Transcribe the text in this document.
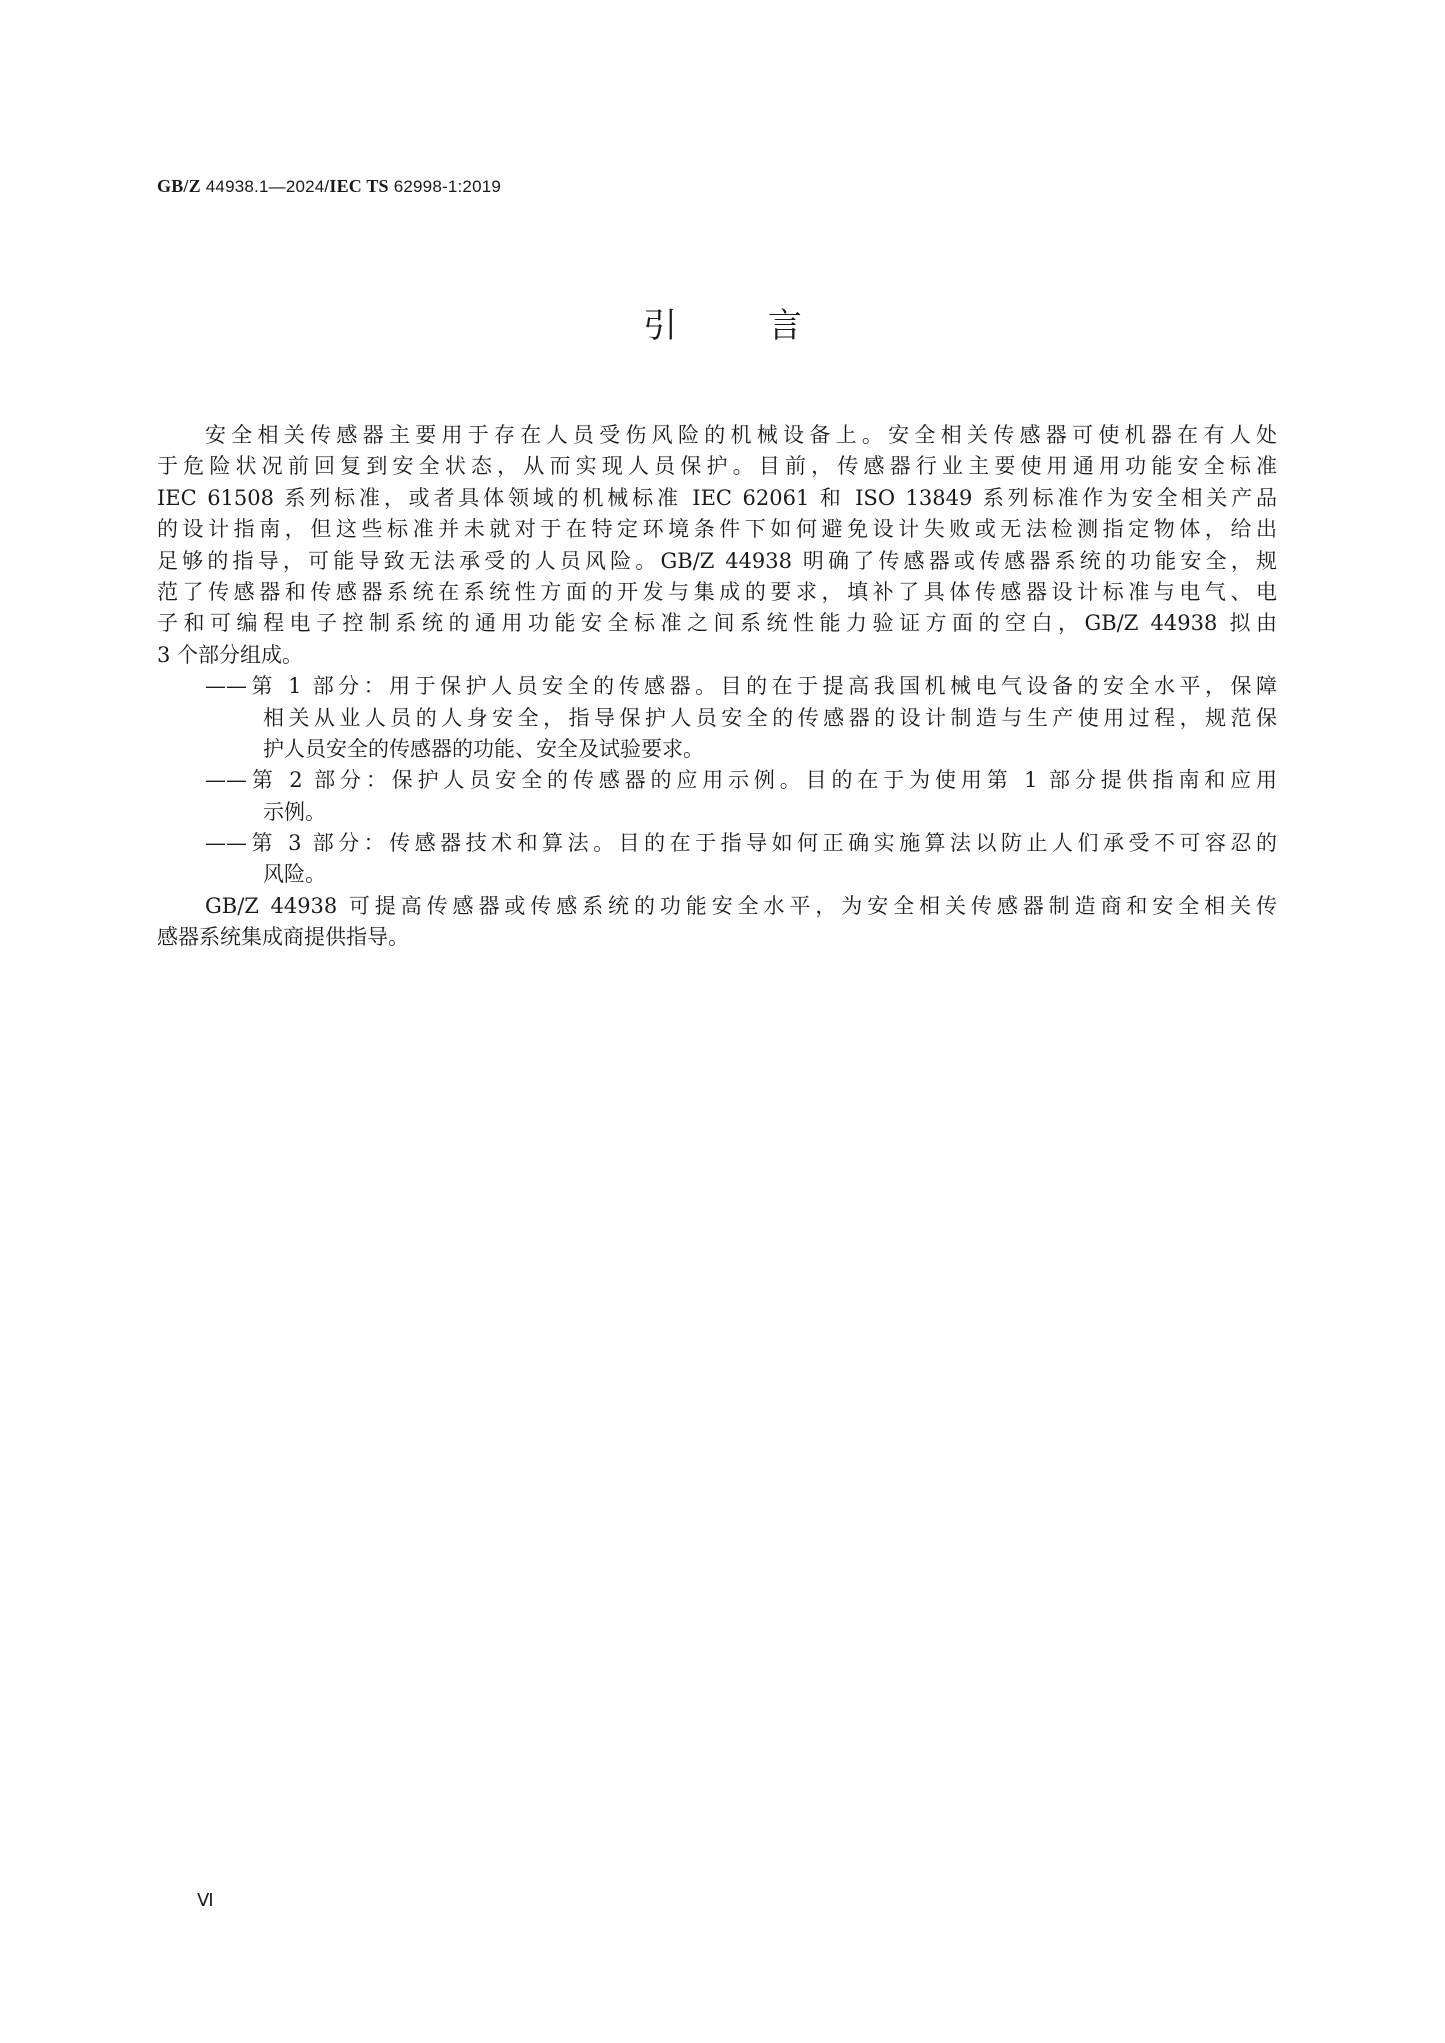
GB/Z 44938.1—2024/IEC TS 62998-1:2019
引	言
安全相关传感器主要用于存在人员受伤风险的机械设备上。安全相关传感器可使机器在有人处
于危险状况前回复到安全状态，从而实现人员保护。目前，传感器行业主要使用通用功能安全标准
IEC 61508 系列标准，或者具体领域的机械标准 IEC 62061 和 ISO 13849 系列标准作为安全相关产品
的设计指南，但这些标准并未就对于在特定环境条件下如何避免设计失败或无法检测指定物体，给出
足够的指导，可能导致无法承受的人员风险。GB/Z 44938 明确了传感器或传感器系统的功能安全，规
范了传感器和传感器系统在系统性方面的开发与集成的要求，填补了具体传感器设计标准与电气、电
子和可编程电子控制系统的通用功能安全标准之间系统性能力验证方面的空白，GB/Z 44938 拟由
3 个部分组成。
——第 1 部分：用于保护人员安全的传感器。目的在于提高我国机械电气设备的安全水平，保障
相关从业人员的人身安全，指导保护人员安全的传感器的设计制造与生产使用过程，规范保
护人员安全的传感器的功能、安全及试验要求。
——第 2 部分：保护人员安全的传感器的应用示例。目的在于为使用第 1 部分提供指南和应用
示例。
——第 3 部分：传感器技术和算法。目的在于指导如何正确实施算法以防止人们承受不可容忍的
风险。
GB/Z 44938 可提高传感器或传感系统的功能安全水平，为安全相关传感器制造商和安全相关传
感器系统集成商提供指导。
Ⅵ
